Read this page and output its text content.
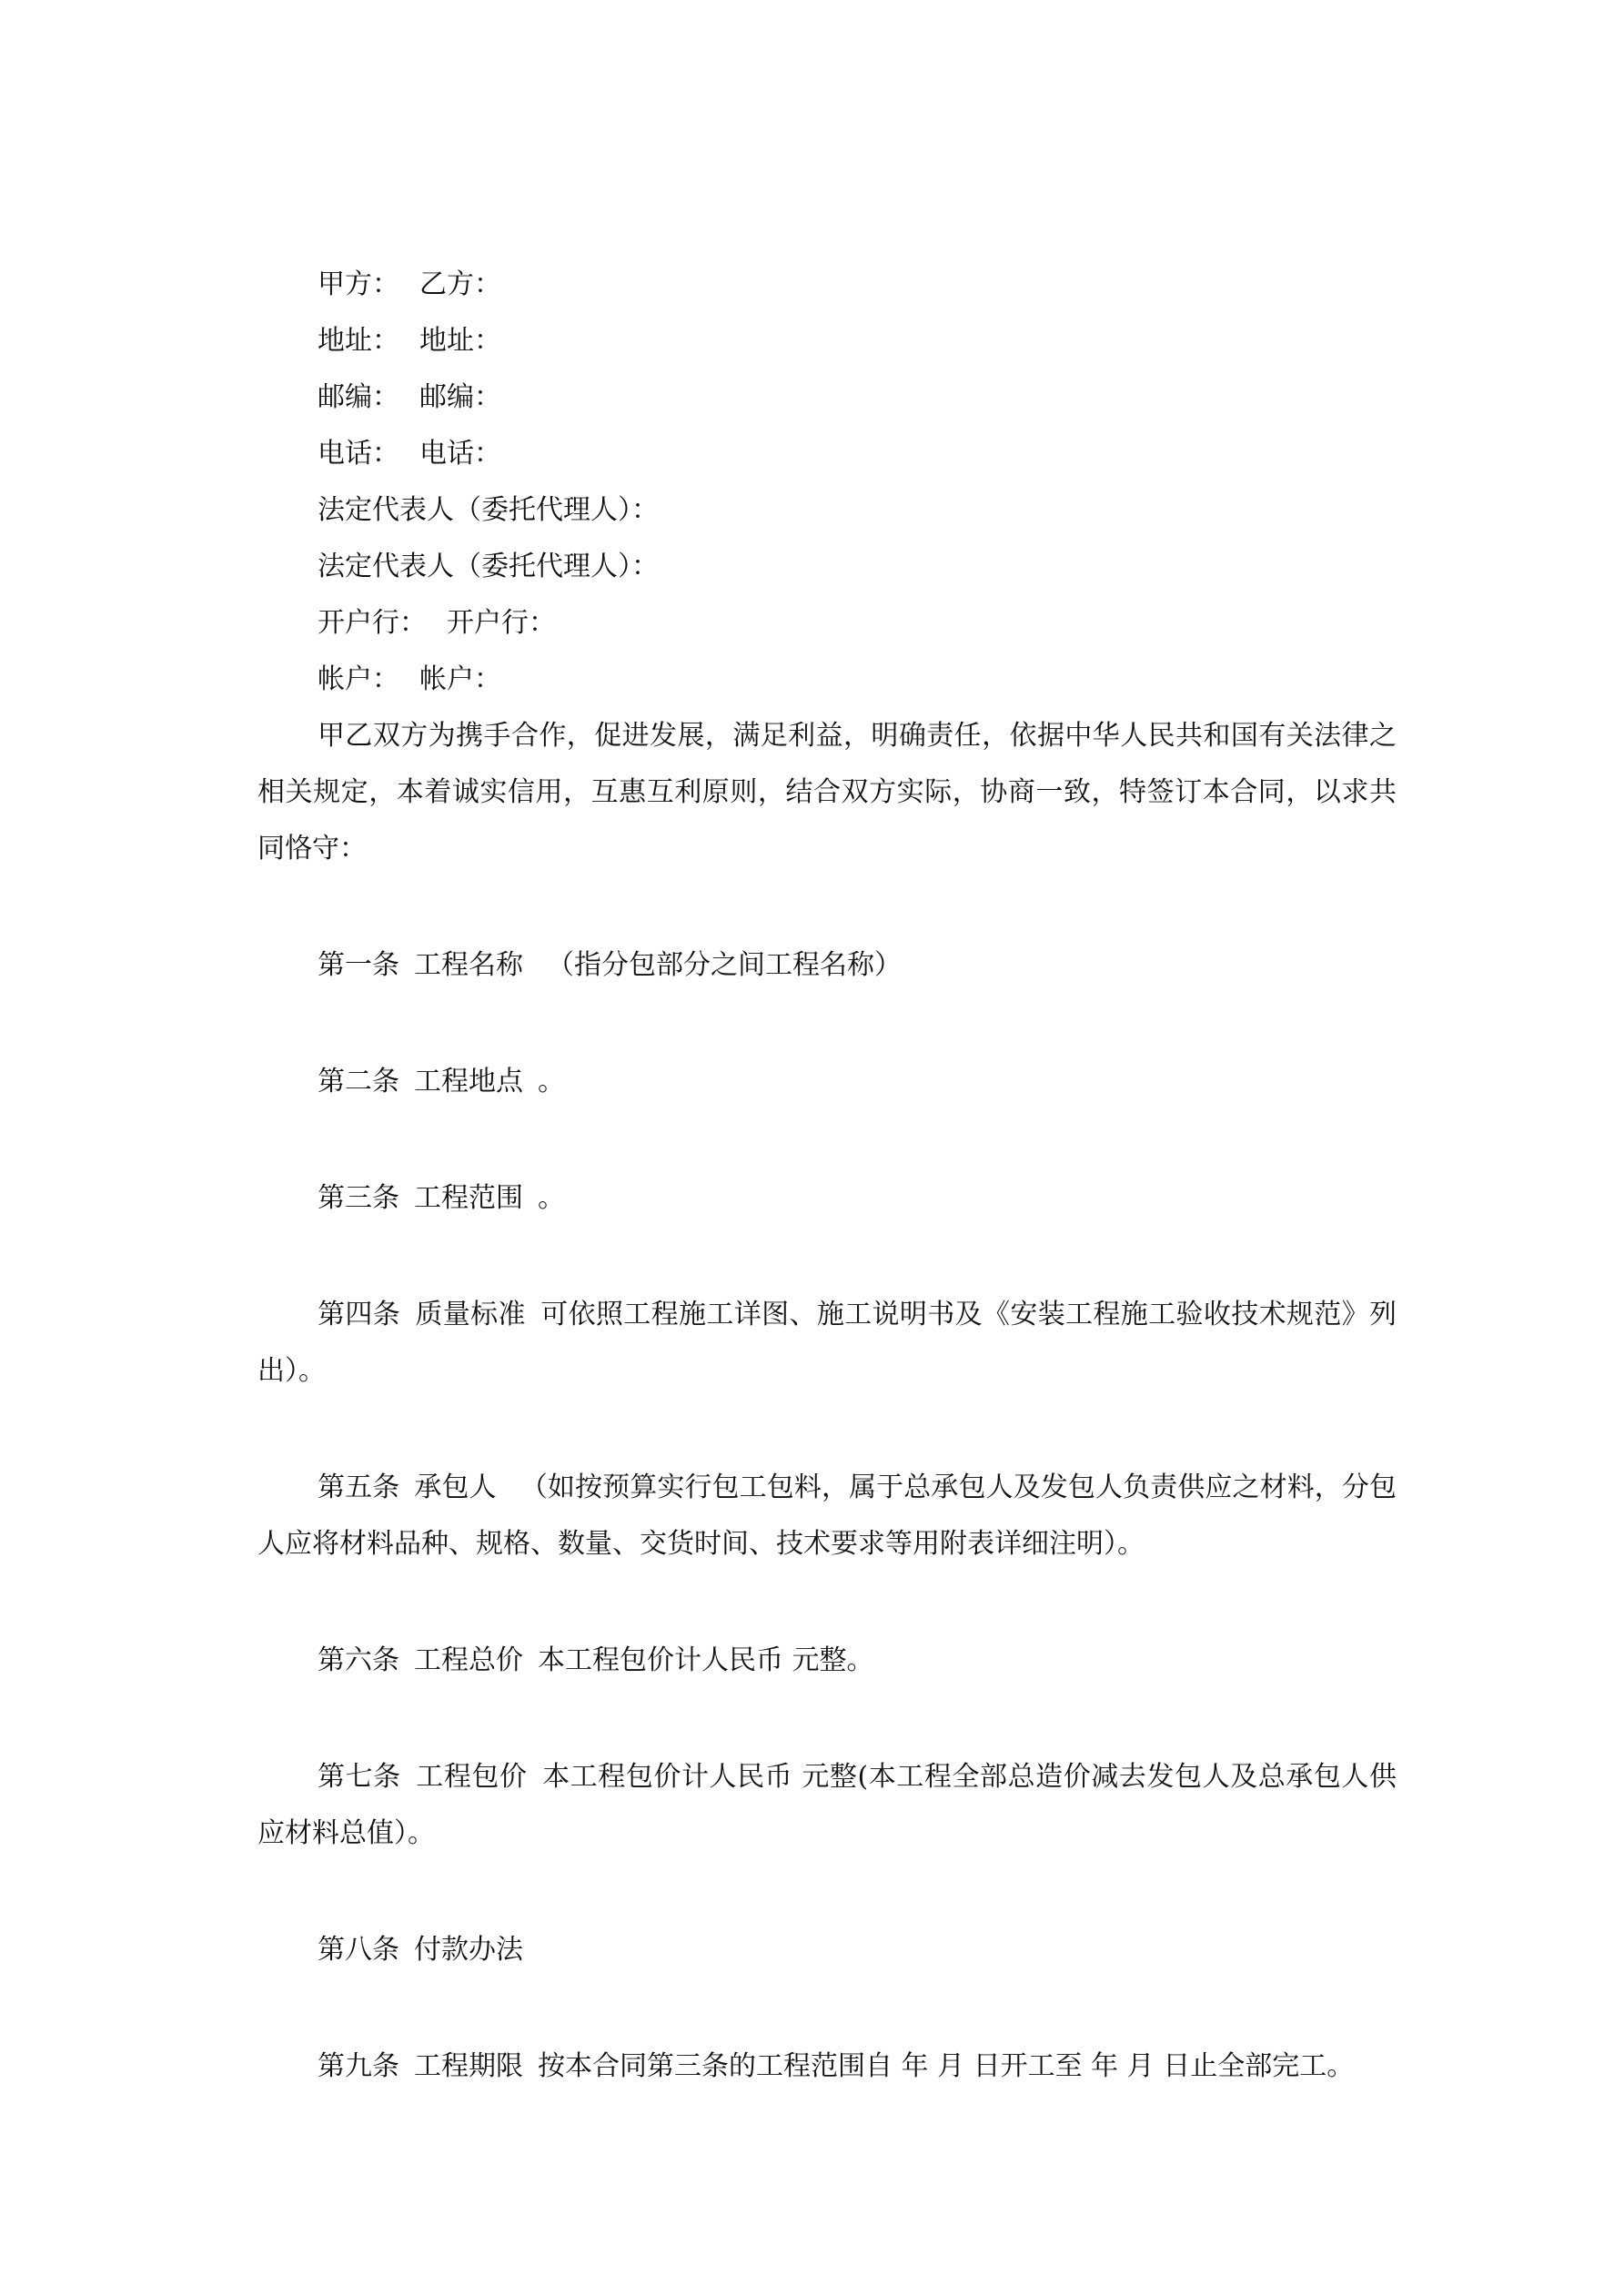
甲方： 乙方：
地址： 地址：
邮编： 邮编：
电话： 电话：
法定代表人（委托代理人）：
法定代表人（委托代理人）：
开户行： 开户行：
帐户： 帐户：

甲乙双方为携手合作，促进发展，满足利益，明确责任，依据中华人民共和国有关法律之相关规定，本着诚实信用，互惠互利原则，结合双方实际，协商一致，特签订本合同，以求共同恪守：

第一条 工程名称 （指分包部分之间工程名称）

第二条 工程地点 。

第三条 工程范围 。

第四条 质量标准 可依照工程施工详图、施工说明书及《安装工程施工验收技术规范》列出）。

第五条 承包人 （如按预算实行包工包料，属于总承包人及发包人负责供应之材料，分包人应将材料品种、规格、数量、交货时间、技术要求等用附表详细注明）。

第六条 工程总价 本工程包价计人民币 元整。

第七条 工程包价 本工程包价计人民币 元整(本工程全部总造价减去发包人及总承包人供应材料总值）。

第八条 付款办法

第九条 工程期限 按本合同第三条的工程范围自 年 月 日开工至 年 月 日止全部完工。
